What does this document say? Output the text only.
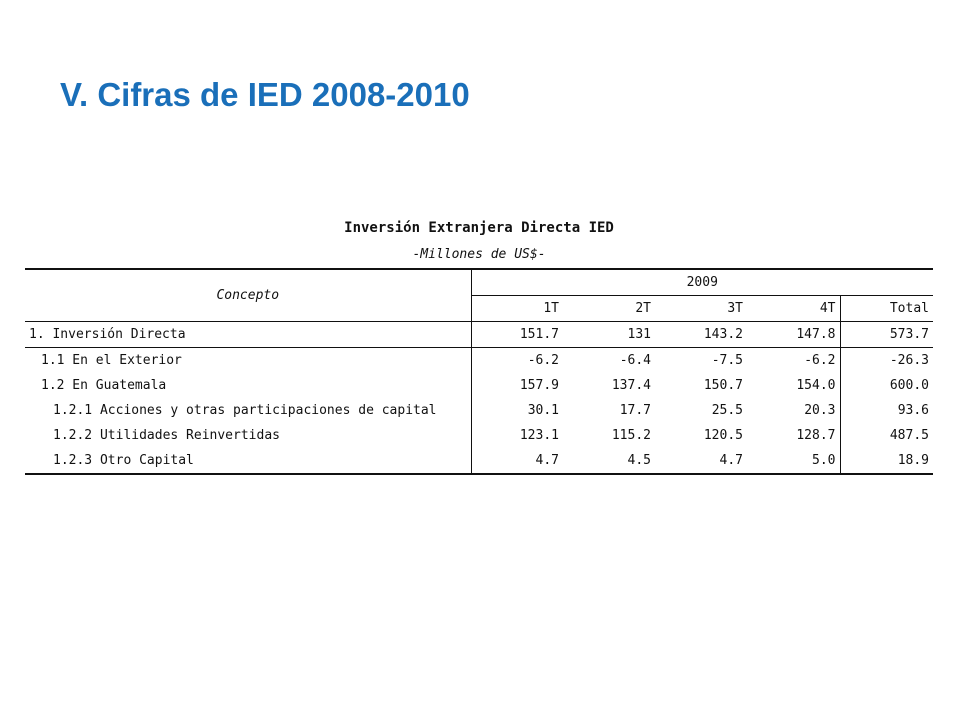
V. Cifras de IED 2008-2010
Inversión Extranjera Directa IED
-Millones de US$-
Concepto	2009				
	1T	2T	3T	4T	Total
1. Inversión Directa	151.7	131	143.2	147.8	573.7
1.1 En el Exterior	-6.2	-6.4	-7.5	-6.2	-26.3
1.2 En Guatemala	157.9	137.4	150.7	154.0	600.0
1.2.1 Acciones y otras participaciones de capital	30.1	17.7	25.5	20.3	93.6
1.2.2 Utilidades Reinvertidas	123.1	115.2	120.5	128.7	487.5
1.2.3 Otro Capital	4.7	4.5	4.7	5.0	18.9
